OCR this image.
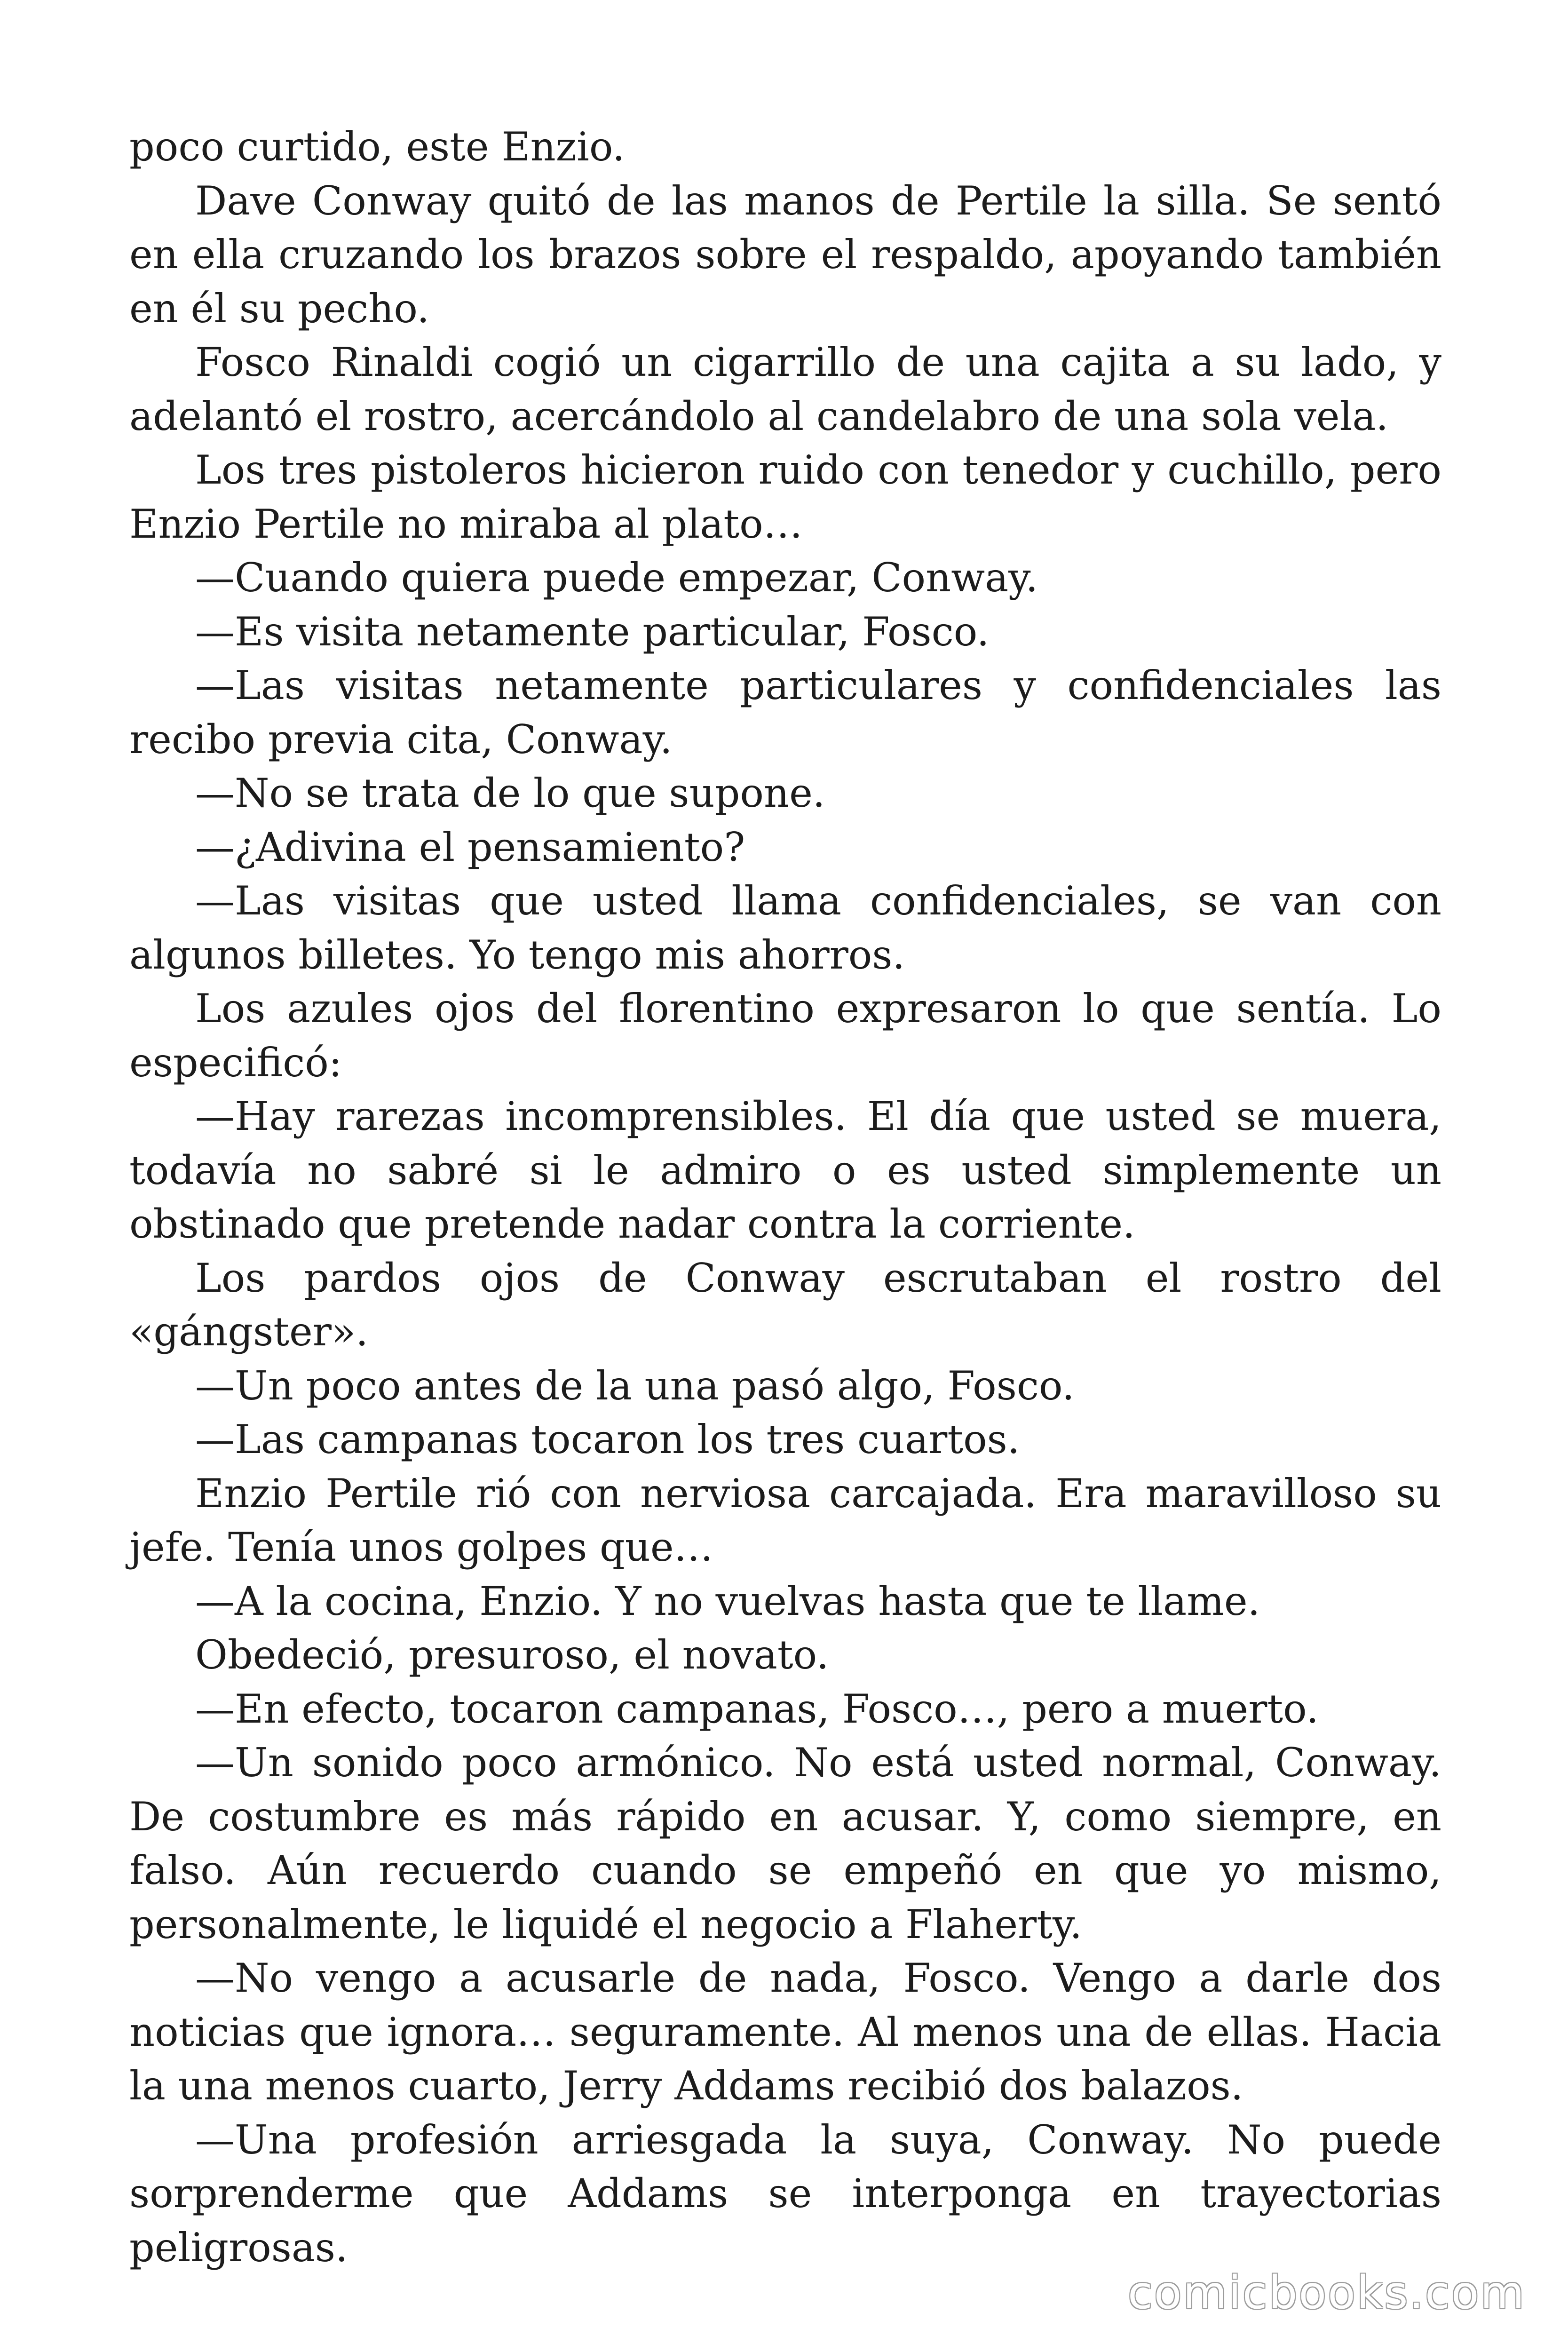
poco curtido, este Enzio.

Dave Conway quitó de las manos de Pertile la silla. Se sentó en ella cruzando los brazos sobre el respaldo, apoyando también en él su pecho.

Fosco Rinaldi cogió un cigarrillo de una cajita a su lado, y adelantó el rostro, acercándolo al candelabro de una sola vela.

Los tres pistoleros hicieron ruido con tenedor y cuchillo, pero Enzio Pertile no miraba al plato…

—Cuando quiera puede empezar, Conway.

—Es visita netamente particular, Fosco.

—Las visitas netamente particulares y confidenciales las recibo previa cita, Conway.

—No se trata de lo que supone.

—¿Adivina el pensamiento?

—Las visitas que usted llama confidenciales, se van con algunos billetes. Yo tengo mis ahorros.

Los azules ojos del florentino expresaron lo que sentía. Lo especificó:

—Hay rarezas incomprensibles. El día que usted se muera, todavía no sabré si le admiro o es usted simplemente un obstinado que pretende nadar contra la corriente.

Los pardos ojos de Conway escrutaban el rostro del «gángster».

—Un poco antes de la una pasó algo, Fosco.

—Las campanas tocaron los tres cuartos.

Enzio Pertile rió con nerviosa carcajada. Era maravilloso su jefe. Tenía unos golpes que…

—A la cocina, Enzio. Y no vuelvas hasta que te llame.

Obedeció, presuroso, el novato.

—En efecto, tocaron campanas, Fosco…, pero a muerto.

—Un sonido poco armónico. No está usted normal, Conway. De costumbre es más rápido en acusar. Y, como siempre, en falso. Aún recuerdo cuando se empeñó en que yo mismo, personalmente, le liquidé el negocio a Flaherty.

—No vengo a acusarle de nada, Fosco. Vengo a darle dos noticias que ignora… seguramente. Al menos una de ellas. Hacia la una menos cuarto, Jerry Addams recibió dos balazos.

—Una profesión arriesgada la suya, Conway. No puede sorprenderme que Addams se interponga en trayectorias peligrosas.

comicbooks.com
